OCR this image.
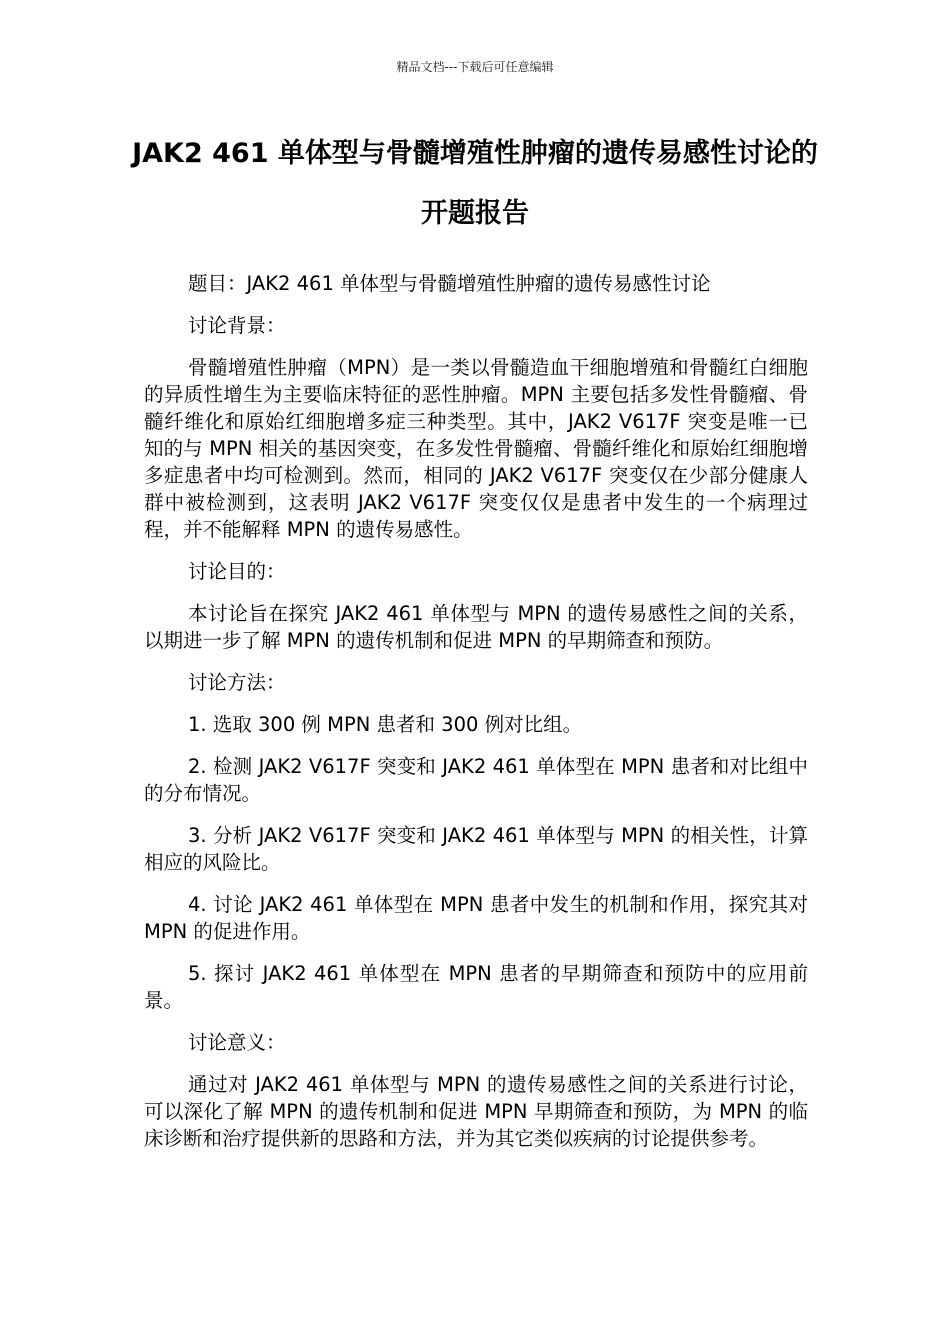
精品文档---下载后可任意编辑
JAK2 461 单体型与骨髓增殖性肿瘤的遗传易感性讨论的开题报告

题目：JAK2 461 单体型与骨髓增殖性肿瘤的遗传易感性讨论

讨论背景：

骨髓增殖性肿瘤（MPN）是一类以骨髓造血干细胞增殖和骨髓红白细胞的异质性增生为主要临床特征的恶性肿瘤。MPN 主要包括多发性骨髓瘤、骨髓纤维化和原始红细胞增多症三种类型。其中，JAK2 V617F 突变是唯一已知的与 MPN 相关的基因突变，在多发性骨髓瘤、骨髓纤维化和原始红细胞增多症患者中均可检测到。然而，相同的 JAK2 V617F 突变仅在少部分健康人群中被检测到，这表明 JAK2 V617F 突变仅仅是患者中发生的一个病理过程，并不能解释 MPN 的遗传易感性。

讨论目的：

本讨论旨在探究 JAK2 461 单体型与 MPN 的遗传易感性之间的关系，以期进一步了解 MPN 的遗传机制和促进 MPN 的早期筛查和预防。

讨论方法：

1. 选取 300 例 MPN 患者和 300 例对比组。

2. 检测 JAK2 V617F 突变和 JAK2 461 单体型在 MPN 患者和对比组中的分布情况。

3. 分析 JAK2 V617F 突变和 JAK2 461 单体型与 MPN 的相关性，计算相应的风险比。

4. 讨论 JAK2 461 单体型在 MPN 患者中发生的机制和作用，探究其对 MPN 的促进作用。

5. 探讨 JAK2 461 单体型在 MPN 患者的早期筛查和预防中的应用前景。

讨论意义：

通过对 JAK2 461 单体型与 MPN 的遗传易感性之间的关系进行讨论，可以深化了解 MPN 的遗传机制和促进 MPN 早期筛查和预防，为 MPN 的临床诊断和治疗提供新的思路和方法，并为其它类似疾病的讨论提供参考。
